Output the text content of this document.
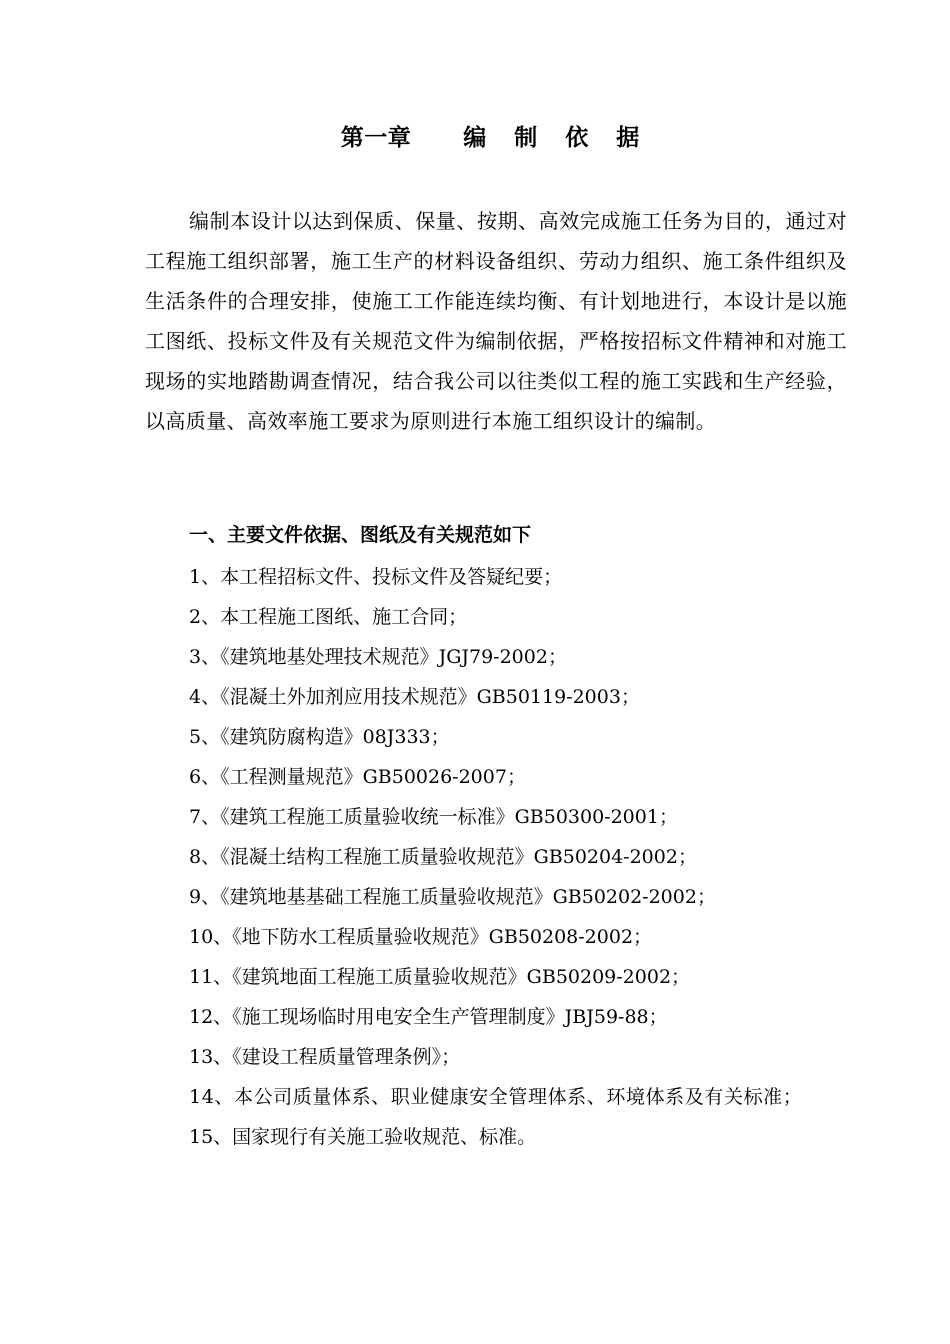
第一章 编 制 依 据
编制本设计以达到保质、保量、按期、高效完成施工任务为目的，通过对工程施工组织部署，施工生产的材料设备组织、劳动力组织、施工条件组织及生活条件的合理安排，使施工工作能连续均衡、有计划地进行，本设计是以施工图纸、投标文件及有关规范文件为编制依据，严格按招标文件精神和对施工现场的实地踏勘调查情况，结合我公司以往类似工程的施工实践和生产经验，以高质量、高效率施工要求为原则进行本施工组织设计的编制。
一、主要文件依据、图纸及有关规范如下
1、本工程招标文件、投标文件及答疑纪要；
2、本工程施工图纸、施工合同；
3、《建筑地基处理技术规范》JGJ79-2002；
4、《混凝土外加剂应用技术规范》GB50119-2003；
5、《建筑防腐构造》08J333；
6、《工程测量规范》GB50026-2007；
7、《建筑工程施工质量验收统一标准》GB50300-2001；
8、《混凝土结构工程施工质量验收规范》GB50204-2002；
9、《建筑地基基础工程施工质量验收规范》GB50202-2002；
10、《地下防水工程质量验收规范》GB50208-2002；
11、《建筑地面工程施工质量验收规范》GB50209-2002；
12、《施工现场临时用电安全生产管理制度》JBJ59-88；
13、《建设工程质量管理条例》；
14、本公司质量体系、职业健康安全管理体系、环境体系及有关标准；
15、国家现行有关施工验收规范、标准。
